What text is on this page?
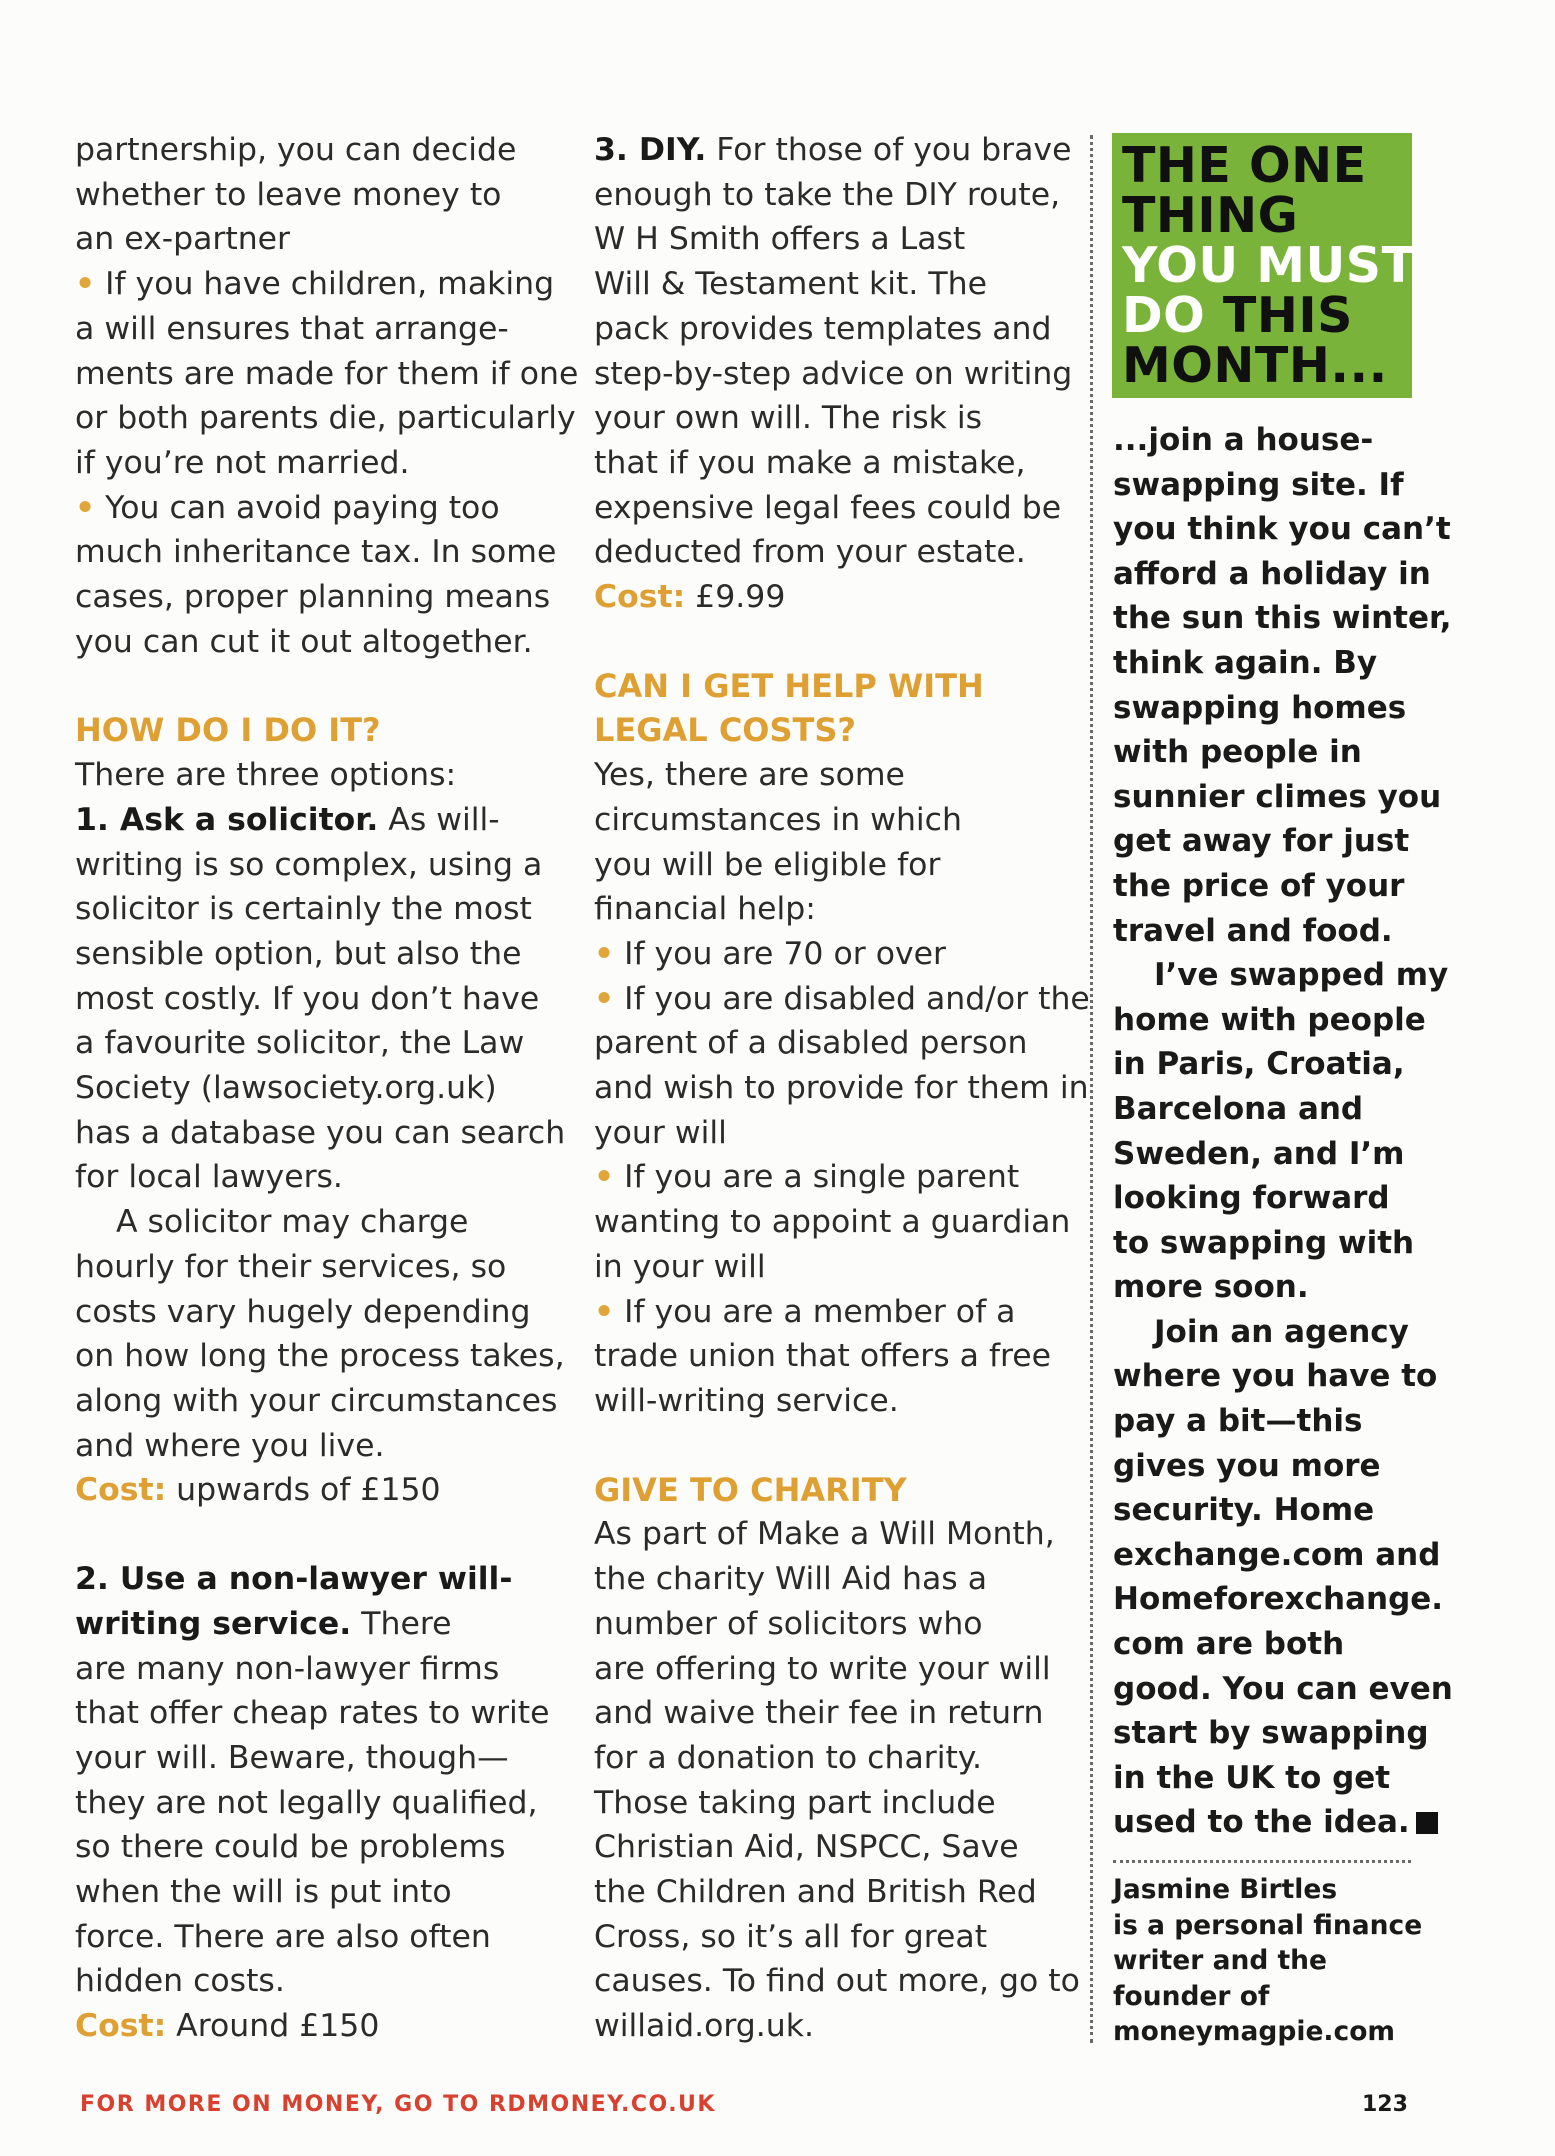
partnership, you can decide
whether to leave money to
an ex-partner
• If you have children, making
a will ensures that arrange-
ments are made for them if one
or both parents die, particularly
if you’re not married.
• You can avoid paying too
much inheritance tax. In some
cases, proper planning means
you can cut it out altogether.
HOW DO I DO IT?
There are three options:
1. Ask a solicitor. As will-
writing is so complex, using a
solicitor is certainly the most
sensible option, but also the
most costly. If you don’t have
a favourite solicitor, the Law
Society (lawsociety.org.uk)
has a database you can search
for local lawyers.
A solicitor may charge
hourly for their services, so
costs vary hugely depending
on how long the process takes,
along with your circumstances
and where you live.
Cost: upwards of £150
2. Use a non-lawyer will-
writing service. There
are many non-lawyer firms
that offer cheap rates to write
your will. Beware, though—
they are not legally qualified,
so there could be problems
when the will is put into
force. There are also often
hidden costs.
Cost: Around £150
3. DIY. For those of you brave
enough to take the DIY route,
W H Smith offers a Last
Will & Testament kit. The
pack provides templates and
step-by-step advice on writing
your own will. The risk is
that if you make a mistake,
expensive legal fees could be
deducted from your estate.
Cost: £9.99
CAN I GET HELP WITH
LEGAL COSTS?
Yes, there are some
circumstances in which
you will be eligible for
financial help:
• If you are 70 or over
• If you are disabled and/or the
parent of a disabled person
and wish to provide for them in
your will
• If you are a single parent
wanting to appoint a guardian
in your will
• If you are a member of a
trade union that offers a free
will-writing service.
GIVE TO CHARITY
As part of Make a Will Month,
the charity Will Aid has a
number of solicitors who
are offering to write your will
and waive their fee in return
for a donation to charity.
Those taking part include
Christian Aid, NSPCC, Save
the Children and British Red
Cross, so it’s all for great
causes. To find out more, go to
willaid.org.uk.
THE ONE
THING
YOU MUST
DO THIS
MONTH...
...join a house-
swapping site. If
you think you can’t
afford a holiday in
the sun this winter,
think again. By
swapping homes
with people in
sunnier climes you
get away for just
the price of your
travel and food.
I’ve swapped my
home with people
in Paris, Croatia,
Barcelona and
Sweden, and I’m
looking forward
to swapping with
more soon.
Join an agency
where you have to
pay a bit—this
gives you more
security. Home
exchange.com and
Homeforexchange.
com are both
good. You can even
start by swapping
in the UK to get
used to the idea.
Jasmine Birtles
is a personal finance
writer and the
founder of
moneymagpie.com
FOR MORE ON MONEY, GO TO RDMONEY.CO.UK	123
